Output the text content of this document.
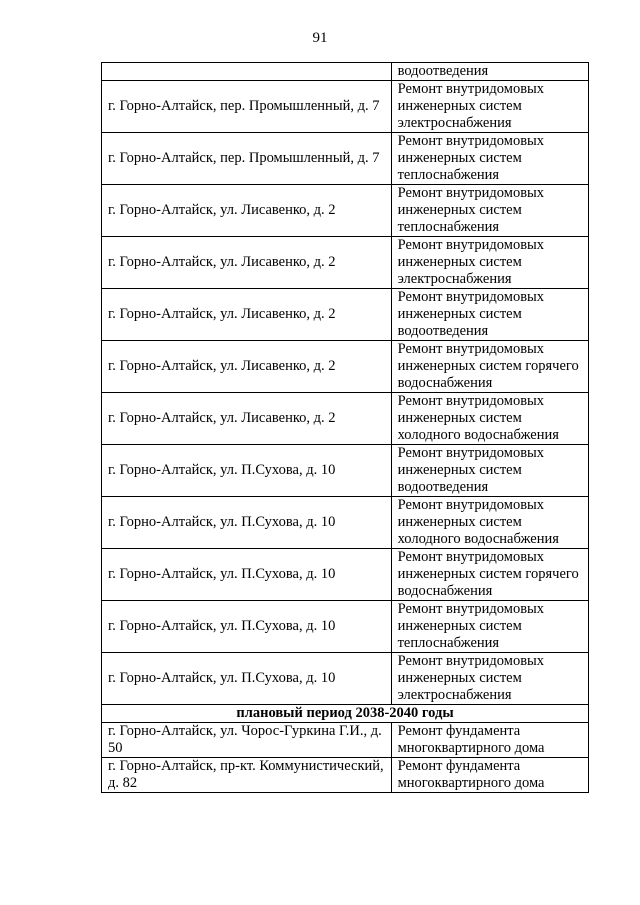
91
	водоотведения
г. Горно-Алтайск, пер. Промышленный, д. 7	Ремонт внутридомовых инженерных систем электроснабжения
г. Горно-Алтайск, пер. Промышленный, д. 7	Ремонт внутридомовых инженерных систем теплоснабжения
г. Горно-Алтайск, ул. Лисавенко, д. 2	Ремонт внутридомовых инженерных систем теплоснабжения
г. Горно-Алтайск, ул. Лисавенко, д. 2	Ремонт внутридомовых инженерных систем электроснабжения
г. Горно-Алтайск, ул. Лисавенко, д. 2	Ремонт внутридомовых инженерных систем водоотведения
г. Горно-Алтайск, ул. Лисавенко, д. 2	Ремонт внутридомовых инженерных систем горячего водоснабжения
г. Горно-Алтайск, ул. Лисавенко, д. 2	Ремонт внутридомовых инженерных систем холодного водоснабжения
г. Горно-Алтайск, ул. П.Сухова, д. 10	Ремонт внутридомовых инженерных систем водоотведения
г. Горно-Алтайск, ул. П.Сухова, д. 10	Ремонт внутридомовых инженерных систем холодного водоснабжения
г. Горно-Алтайск, ул. П.Сухова, д. 10	Ремонт внутридомовых инженерных систем горячего водоснабжения
г. Горно-Алтайск, ул. П.Сухова, д. 10	Ремонт внутридомовых инженерных систем теплоснабжения
г. Горно-Алтайск, ул. П.Сухова, д. 10	Ремонт внутридомовых инженерных систем электроснабжения
плановый период 2038-2040 годы	
г. Горно-Алтайск, ул. Чорос-Гуркина Г.И., д. 50	Ремонт фундамента многоквартирного дома
г. Горно-Алтайск, пр-кт. Коммунистический, д. 82	Ремонт фундамента многоквартирного дома
